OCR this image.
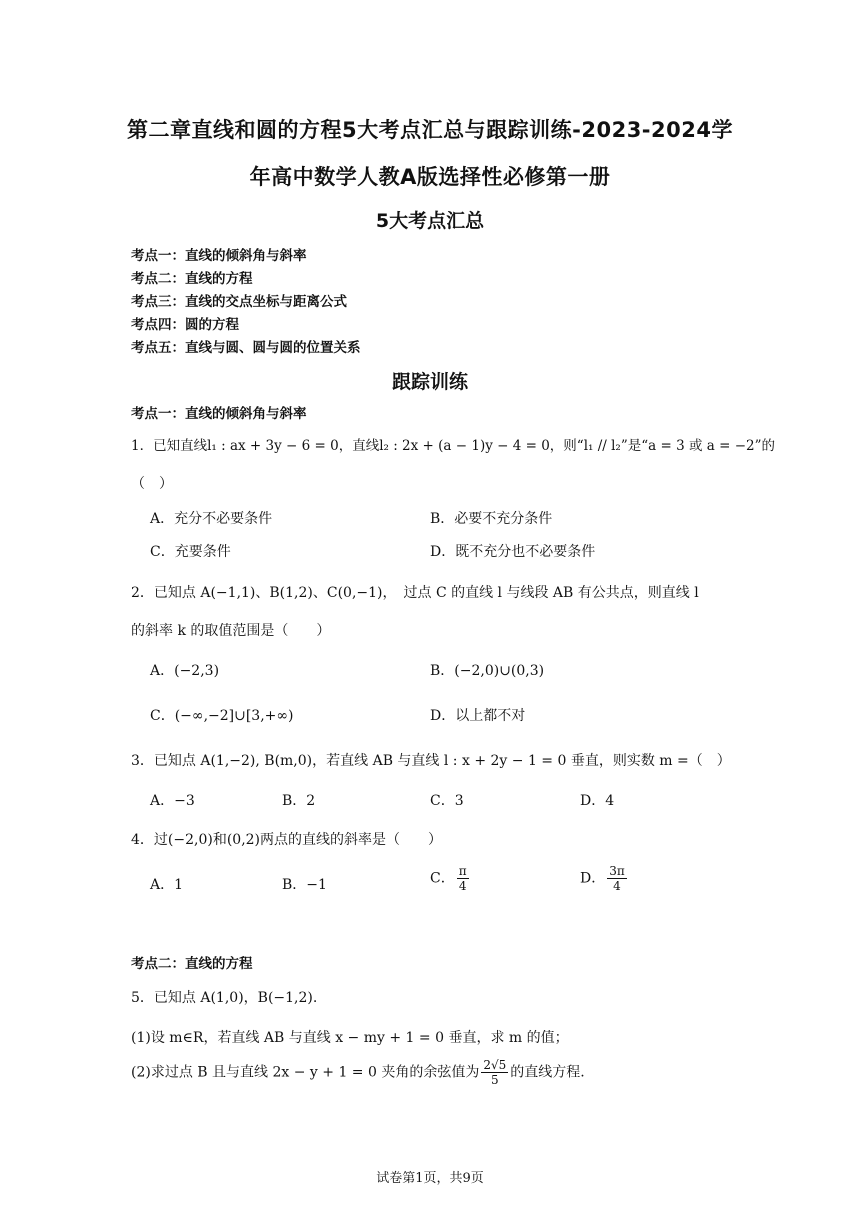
第二章直线和圆的方程5大考点汇总与跟踪训练-2023-2024学
年高中数学人教A版选择性必修第一册
5大考点汇总
考点一：直线的倾斜角与斜率
考点二：直线的方程
考点三：直线的交点坐标与距离公式
考点四：圆的方程
考点五：直线与圆、圆与圆的位置关系
跟踪训练
考点一：直线的倾斜角与斜率
1．已知直线l₁ : ax + 3y − 6 = 0，直线l₂ : 2x + (a − 1)y − 4 = 0，则“l₁ // l₂”是“a = 3 或 a = −2”的
（　）
A．充分不必要条件	B．必要不充分条件
C．充要条件	D．既不充分也不必要条件
2．已知点 A(−1,1)、B(1,2)、C(0,−1)，　过点 C 的直线 l 与线段 AB 有公共点，则直线 l
的斜率 k 的取值范围是（　　）
A．(−2,3)	B．(−2,0)∪(0,3)
C．(−∞,−2]∪[3,+∞)	D．以上都不对
3．已知点 A(1,−2), B(m,0)，若直线 AB 与直线 l : x + 2y − 1 = 0 垂直，则实数 m =（　）
A．−3	B．2	C．3	D．4
4．过(−2,0)和(0,2)两点的直线的斜率是（　　）
A．1	B．−1	C． $\frac{\pi}{4}$	D． $\frac{3\pi}{4}$
考点二：直线的方程
5．已知点 A(1,0)，B(−1,2).
(1)设 m∈R，若直线 AB 与直线 x − my + 1 = 0 垂直，求 m 的值；
(2)求过点 B 且与直线 2x − y + 1 = 0 夹角的余弦值为 $\frac{2√5}{5}$ 的直线方程.
试卷第1页，共9页
